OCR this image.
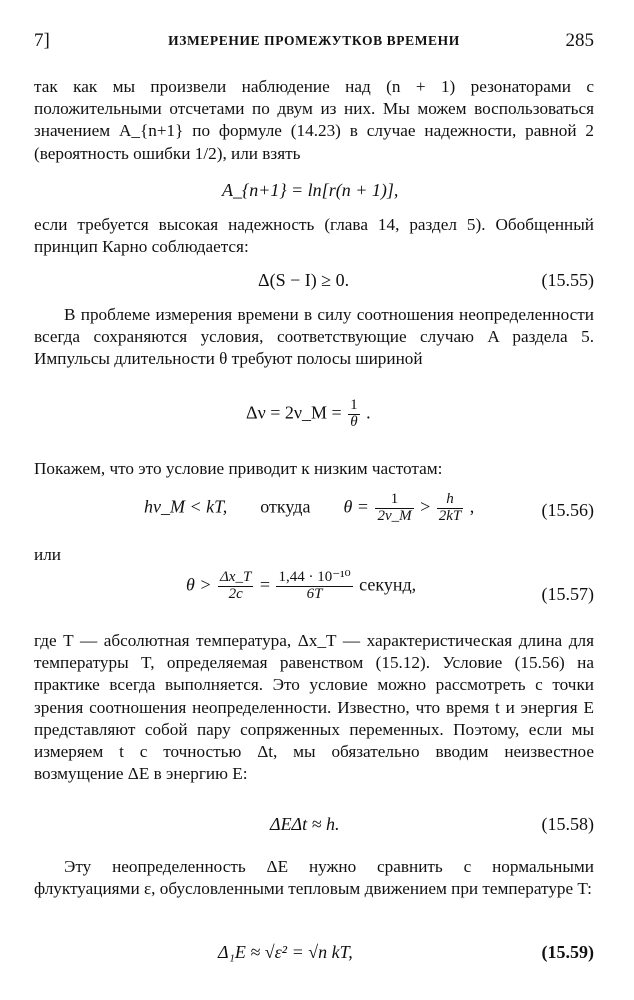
7]	ИЗМЕРЕНИЕ ПРОМЕЖУТКОВ ВРЕМЕНИ	285

так как мы произвели наблюдение над (n + 1) резонаторами с положительными отсчетами по двум из них. Мы можем воспользоваться значением A_{n+1} по формуле (14.23) в случае надежности, равной 2 (вероятность ошибки 1/2), или взять

A_{n+1} = ln[r(n + 1)],

если требуется высокая надежность (глава 14, раздел 5). Обобщенный принцип Карно соблюдается:

Δ(S − I) ≥ 0.	(15.55)

В проблеме измерения времени в силу соотношения неопределенности всегда сохраняются условия, соответствующие случаю A раздела 5. Импульсы длительности θ требуют полосы шириной

Δν = 2ν_M = $\frac{1}{\theta}$ .

Покажем, что это условие приводит к низким частотам:

hν_M < kT, откуда $\theta = \frac{1}{2\nu\_M} > \frac{h}{2kT}$ ,	(15.56)

или

$\theta > \frac{\Delta x\_T}{2c} = \frac{\text{1,44 · 10⁻¹⁰}}{6T}$ секунд,	(15.57)

где T — абсолютная температура, Δx_T — характеристическая длина для температуры T, определяемая равенством (15.12). Условие (15.56) на практике всегда выполняется. Это условие можно рассмотреть с точки зрения соотношения неопределенности. Известно, что время t и энергия E представляют собой пару сопряженных переменных. Поэтому, если мы измеряем t с точностью Δt, мы обязательно вводим неизвестное возмущение ΔE в энергию E:

ΔEΔt ≈ h.	(15.58)

Эту неопределенность ΔE нужно сравнить с нормальными флуктуациями ε, обусловленными тепловым движением при температуре T:

Δ₁E ≈ √ε² = √n kT,	(15.59)
